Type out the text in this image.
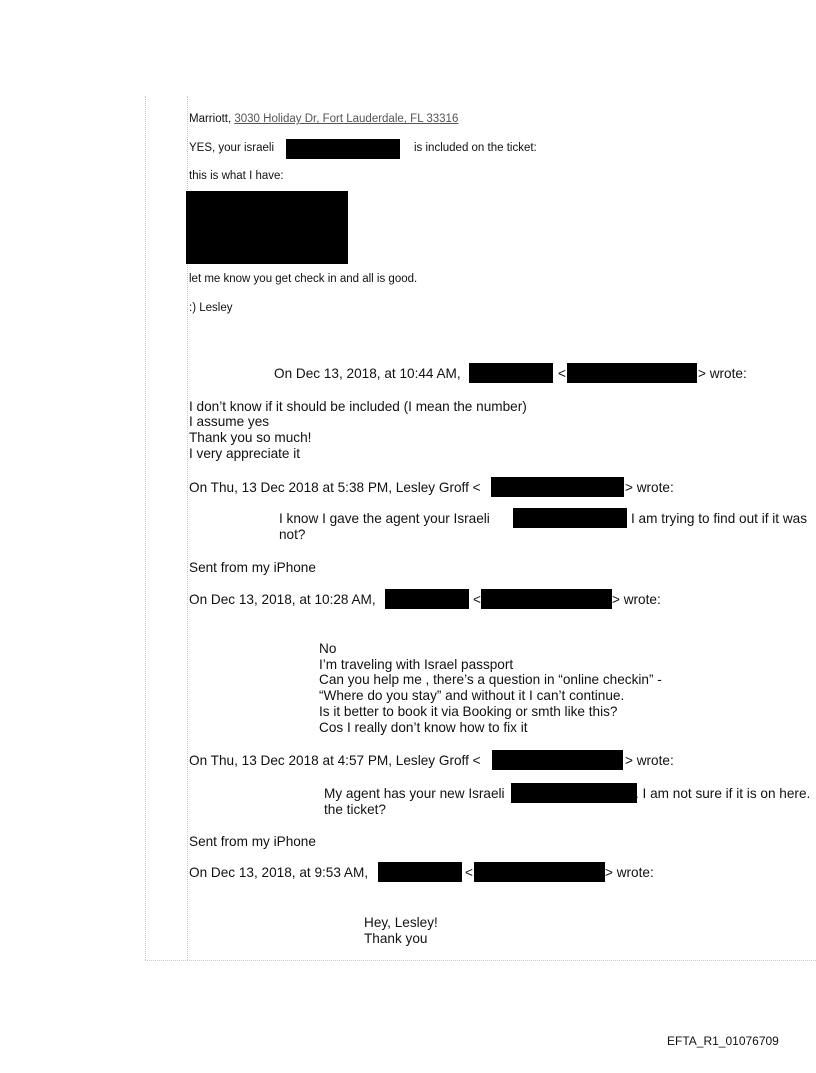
Marriott, 3030 Holiday Dr, Fort Lauderdale, FL 33316
YES, your israeli	is included on the ticket:
this is what I have:
let me know you get check in and all is good.
:) Lesley
On Dec 13, 2018, at 10:44 AM,	<	> wrote:
I don’t know if it should be included (I mean the number)
I assume yes
Thank you so much!
I very appreciate it
On Thu, 13 Dec 2018 at 5:38 PM, Lesley Groff <	> wrote:
I know I gave the agent your Israeli	I am trying to find out if it was
not?
Sent from my iPhone
On Dec 13, 2018, at 10:28 AM,	<	> wrote:
No
I’m traveling with Israel passport
Can you help me , there’s a question in “online checkin” -
“Where do you stay” and without it I can’t continue.
Is it better to book it via Booking or smth like this?
Cos I really don’t know how to fix it
On Thu, 13 Dec 2018 at 4:57 PM, Lesley Groff <	> wrote:
My agent has your new Israeli	. I am not sure if it is on here.
the ticket?
Sent from my iPhone
On Dec 13, 2018, at 9:53 AM,	<	> wrote:
Hey, Lesley!
Thank you
EFTA_R1_01076709
